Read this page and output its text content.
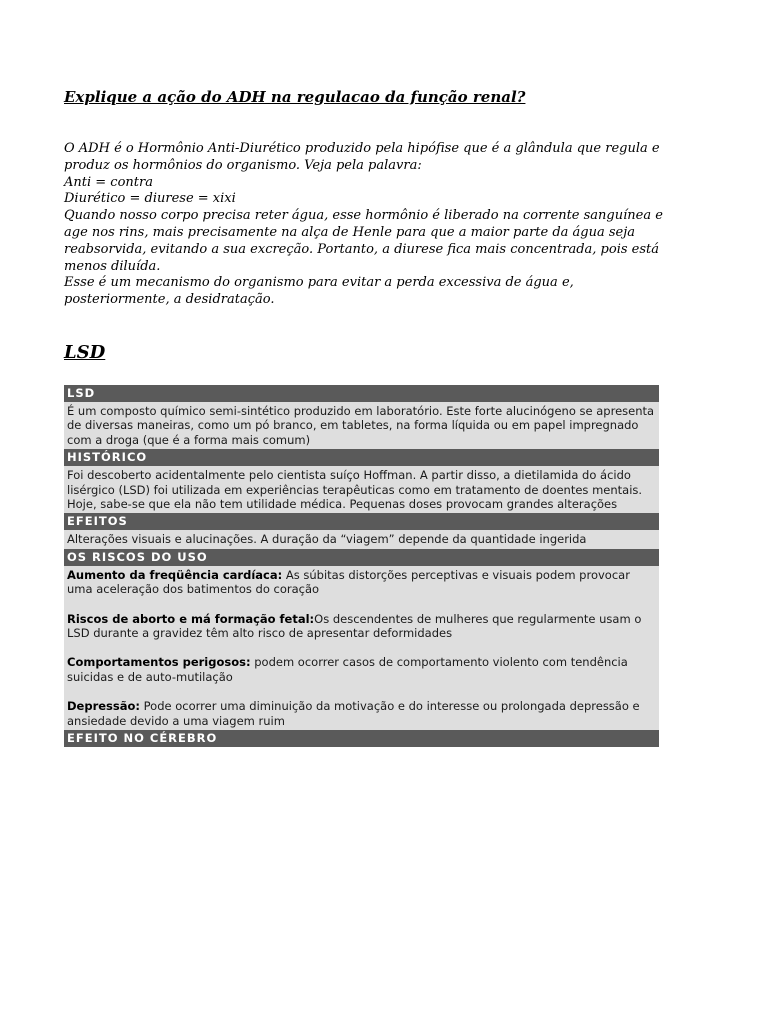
Explique a ação do ADH na regulacao da função renal?

O ADH é o Hormônio Anti-Diurético produzido pela hipófise que é a glândula que regula e produz os hormônios do organismo. Veja pela palavra:

Anti = contra

Diurético = diurese = xixi

Quando nosso corpo precisa reter água, esse hormônio é liberado na corrente sanguínea e age nos rins, mais precisamente na alça de Henle para que a maior parte da água seja reabsorvida, evitando a sua excreção. Portanto, a diurese fica mais concentrada, pois está menos diluída.

Esse é um mecanismo do organismo para evitar a perda excessiva de água e, posteriormente, a desidratação.

LSD
LSD
É um composto químico semi-sintético produzido em laboratório. Este forte alucinógeno se apresenta de diversas maneiras, como um pó branco, em tabletes, na forma líquida ou em papel impregnado com a droga (que é a forma mais comum)
HISTÓRICO
Foi descoberto acidentalmente pelo cientista suíço Hoffman. A partir disso, a dietilamida do ácido lisérgico (LSD) foi utilizada em experiências terapêuticas como em tratamento de doentes mentais. Hoje, sabe-se que ela não tem utilidade médica. Pequenas doses provocam grandes alterações
EFEITOS
Alterações visuais e alucinações. A duração da “viagem” depende da quantidade ingerida
OS RISCOS DO USO
Aumento da freqüência cardíaca: As súbitas distorções perceptivas e visuais podem provocar uma aceleração dos batimentos do coração
Riscos de aborto e má formação fetal:Os descendentes de mulheres que regularmente usam o LSD durante a gravidez têm alto risco de apresentar deformidades
Comportamentos perigosos: podem ocorrer casos de comportamento violento com tendência suicidas e de auto-mutilação
Depressão: Pode ocorrer uma diminuição da motivação e do interesse ou prolongada depressão e ansiedade devido a uma viagem ruim
EFEITO NO CÉREBRO
